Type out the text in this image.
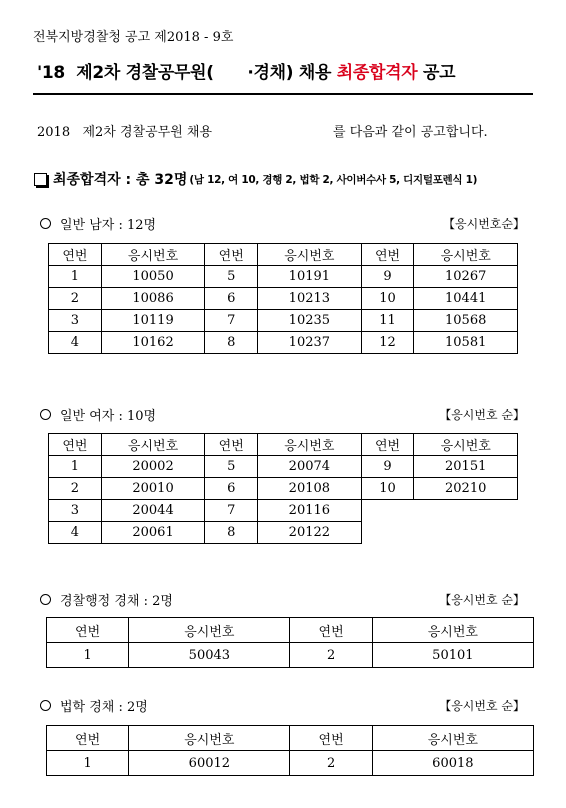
전북지방경찰청 공고 제2018 - 9호
'18  제2차 경찰공무원(      ·경채) 채용 최종합격자 공고
2018   제2차 경찰공무원 채용	를 다음과 같이 공고합니다.
최종합격자 : 총 32명 (남 12, 여 10, 경행 2, 법학 2, 사이버수사 5, 디지털포렌식 1)
일반 남자 : 12명	【응시번호순】
연번	응시번호	연번	응시번호	연번	응시번호
1	10050	5	10191	9	10267
2	10086	6	10213	10	10441
3	10119	7	10235	11	10568
4	10162	8	10237	12	10581
일반 여자 : 10명	【응시번호 순】
연번	응시번호	연번	응시번호	연번	응시번호
1	20002	5	20074	9	20151
2	20010	6	20108	10	20210
3	20044	7	20116		
4	20061	8	20122		
경찰행정 경채 : 2명	【응시번호 순】
연번	응시번호	연번	응시번호
1	50043	2	50101
법학 경채 : 2명	【응시번호 순】
연번	응시번호	연번	응시번호
1	60012	2	60018
